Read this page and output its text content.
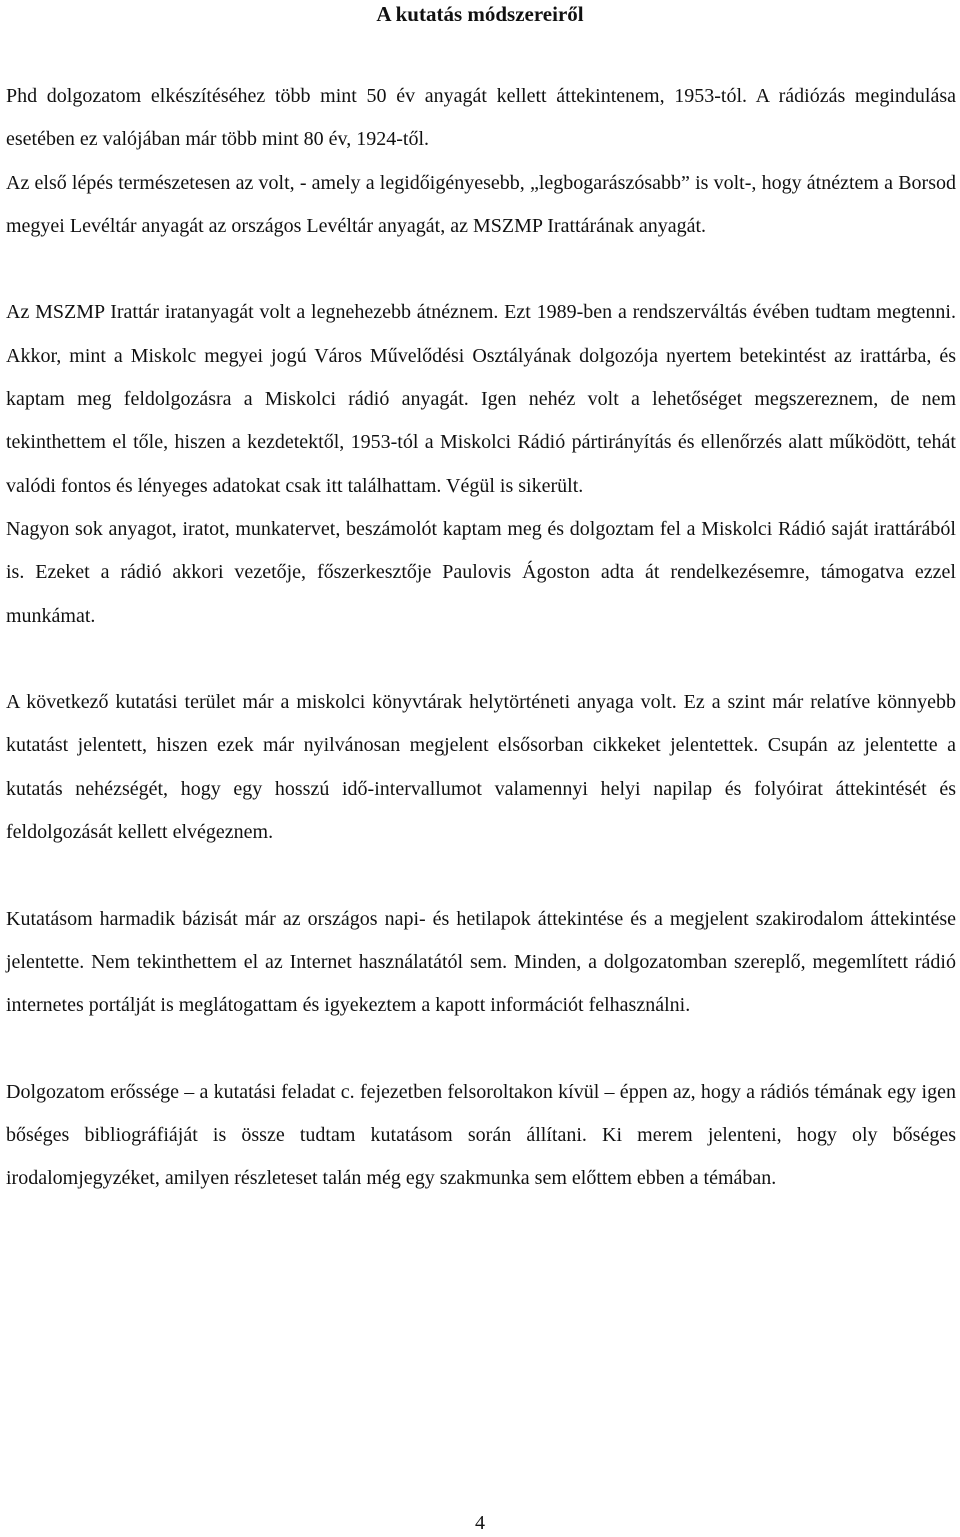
A kutatás módszereiről

Phd dolgozatom elkészítéséhez több mint 50 év anyagát kellett áttekintenem, 1953-tól. A rádiózás megindulása esetében ez valójában már több mint 80 év, 1924-től.

Az első lépés természetesen az volt, - amely a legidőigényesebb, „legbogarászósabb” is volt-, hogy átnéztem a Borsod megyei Levéltár anyagát az országos Levéltár anyagát, az MSZMP Irattárának anyagát.

Az MSZMP Irattár iratanyagát volt a legnehezebb átnéznem. Ezt 1989-ben a rendszerváltás évében tudtam megtenni. Akkor, mint a Miskolc megyei jogú Város Művelődési Osztályának dolgozója nyertem betekintést az irattárba, és kaptam meg feldolgozásra a Miskolci rádió anyagát. Igen nehéz volt a lehetőséget megszereznem, de nem tekinthettem el tőle, hiszen a kezdetektől, 1953-tól a Miskolci Rádió pártirányítás és ellenőrzés alatt működött, tehát valódi fontos és lényeges adatokat csak itt találhattam. Végül is sikerült.

Nagyon sok anyagot, iratot, munkatervet, beszámolót kaptam meg és dolgoztam fel a Miskolci Rádió saját irattárából is. Ezeket a rádió akkori vezetője, főszerkesztője Paulovis Ágoston adta át rendelkezésemre, támogatva ezzel munkámat.

A következő kutatási terület már a miskolci könyvtárak helytörténeti anyaga volt. Ez a szint már relatíve könnyebb kutatást jelentett, hiszen ezek már nyilvánosan megjelent elsősorban cikkeket jelentettek. Csupán az jelentette a kutatás nehézségét, hogy egy hosszú idő-intervallumot valamennyi helyi napilap és folyóirat áttekintését és feldolgozását kellett elvégeznem.

Kutatásom harmadik bázisát már az országos napi- és hetilapok áttekintése és a megjelent szakirodalom áttekintése jelentette. Nem tekinthettem el az Internet használatától sem. Minden, a dolgozatomban szereplő, megemlített rádió internetes portálját is meglátogattam és igyekeztem a kapott információt felhasználni.

Dolgozatom erőssége – a kutatási feladat c. fejezetben felsoroltakon kívül – éppen az, hogy a rádiós témának egy igen bőséges bibliográfiáját is össze tudtam kutatásom során állítani. Ki merem jelenteni, hogy oly bőséges irodalomjegyzéket, amilyen részleteset talán még egy szakmunka sem előttem ebben a témában.

4
